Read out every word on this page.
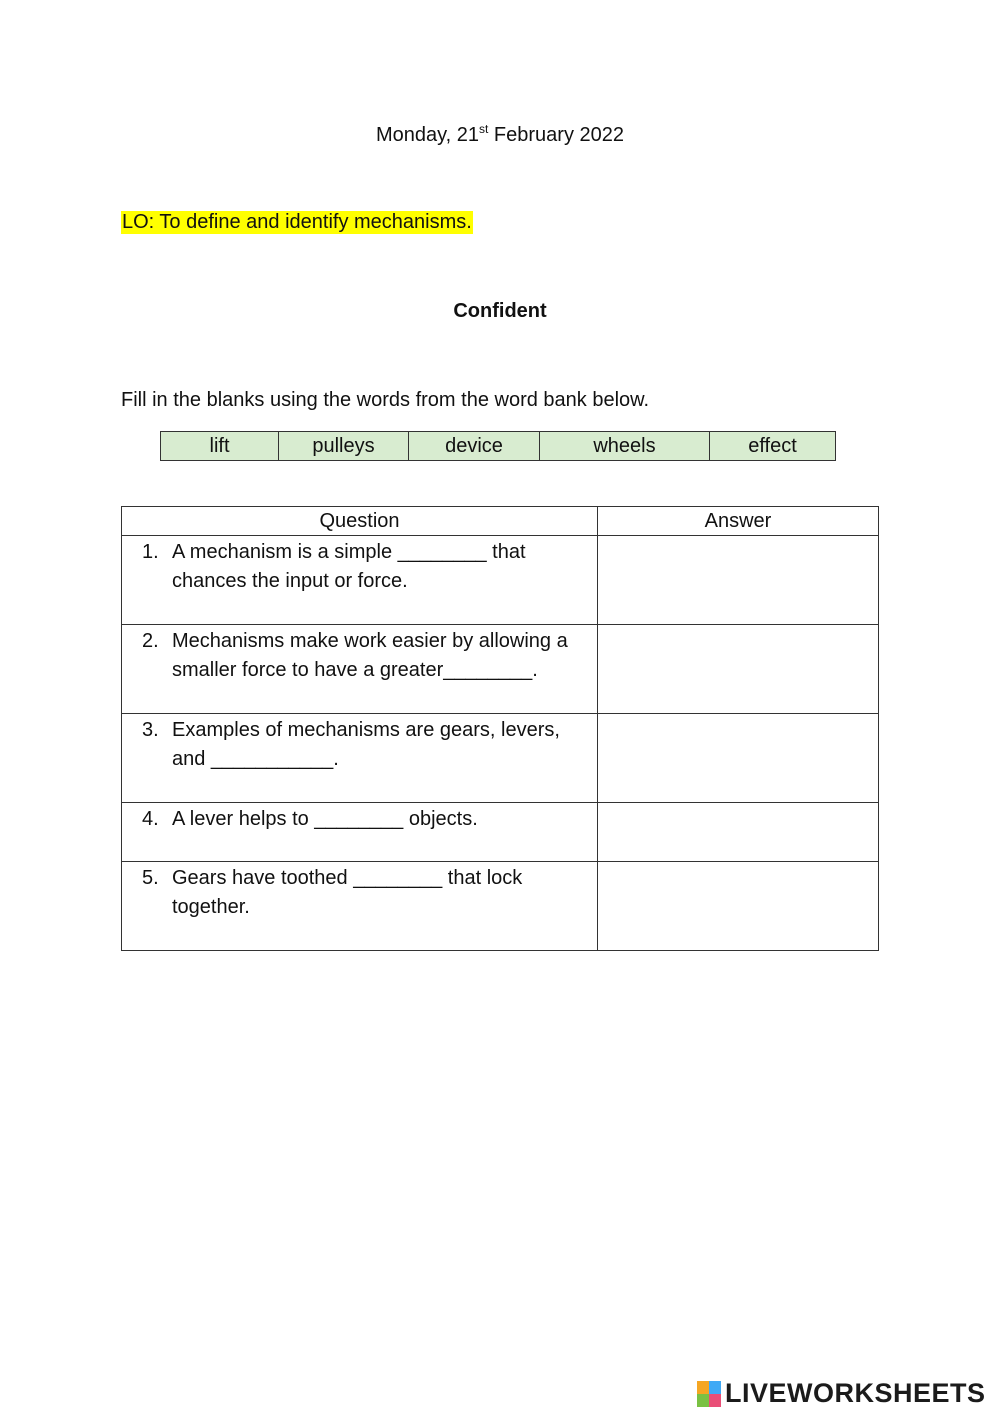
Monday, 21st February 2022
LO: To define and identify mechanisms.
Confident
Fill in the blanks using the words from the word bank below.
lift	pulleys	device	wheels	effect
Question	Answer

1. A mechanism is a simple ________ that chances the input or force.	

2. Mechanisms make work easier by allowing a smaller force to have a greater________.	

3. Examples of mechanisms are gears, levers, and ___________.	

4. A lever helps to ________ objects.	

5. Gears have toothed ________ that lock together.	
LIVEWORKSHEETS
